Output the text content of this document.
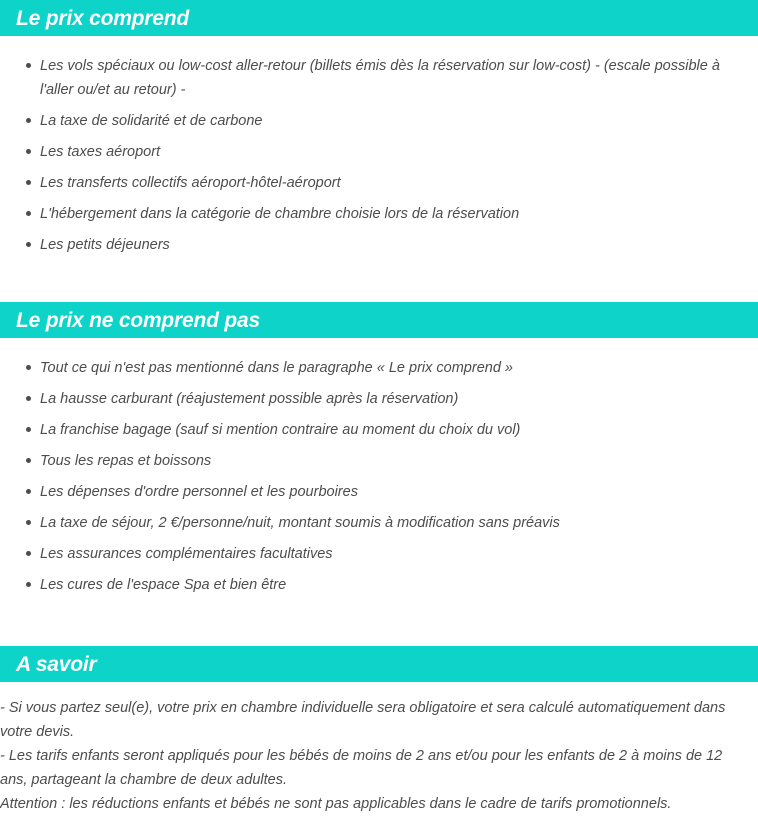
Le prix comprend
Les vols spéciaux ou low-cost aller-retour (billets émis dès la réservation sur low-cost) - (escale possible à l'aller ou/et au retour) -
La taxe de solidarité et de carbone
Les taxes aéroport
Les transferts collectifs aéroport-hôtel-aéroport
L'hébergement dans la catégorie de chambre choisie lors de la réservation
Les petits déjeuners
Le prix ne comprend pas
Tout ce qui n'est pas mentionné dans le paragraphe « Le prix comprend »
La hausse carburant (réajustement possible après la réservation)
La franchise bagage (sauf si mention contraire au moment du choix du vol)
Tous les repas et boissons
Les dépenses d'ordre personnel et les pourboires
La taxe de séjour, 2 €/personne/nuit, montant soumis à modification sans préavis
Les assurances complémentaires facultatives
Les cures de l'espace Spa et bien être
A savoir

- Si vous partez seul(e), votre prix en chambre individuelle sera obligatoire et sera calculé automatiquement dans votre devis.

- Les tarifs enfants seront appliqués pour les bébés de moins de 2 ans et/ou pour les enfants de 2 à moins de 12 ans, partageant la chambre de deux adultes.

Attention : les réductions enfants et bébés ne sont pas applicables dans le cadre de tarifs promotionnels.
